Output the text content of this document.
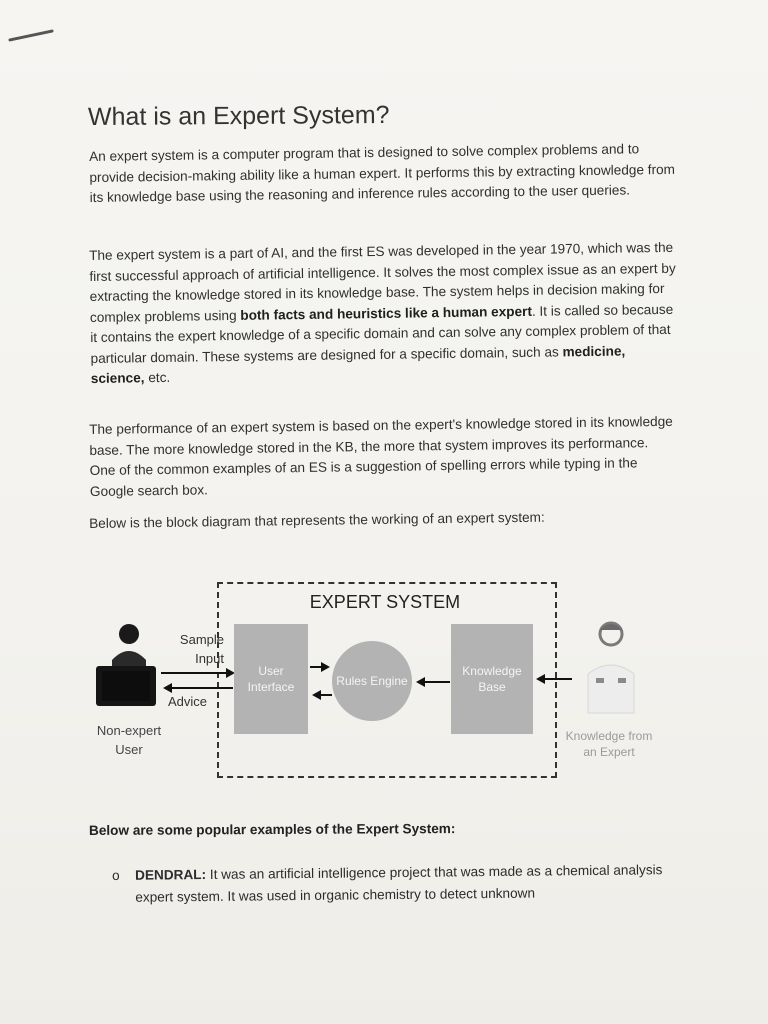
What is an Expert System?

An expert system is a computer program that is designed to solve complex problems and to provide decision-making ability like a human expert. It performs this by extracting knowledge from its knowledge base using the reasoning and inference rules according to the user queries.

The expert system is a part of AI, and the first ES was developed in the year 1970, which was the first successful approach of artificial intelligence. It solves the most complex issue as an expert by extracting the knowledge stored in its knowledge base. The system helps in decision making for complex problems using both facts and heuristics like a human expert. It is called so because it contains the expert knowledge of a specific domain and can solve any complex problem of that particular domain. These systems are designed for a specific domain, such as medicine, science, etc.

The performance of an expert system is based on the expert's knowledge stored in its knowledge base. The more knowledge stored in the KB, the more that system improves its performance. One of the common examples of an ES is a suggestion of spelling errors while typing in the Google search box.

Below is the block diagram that represents the working of an expert system:

EXPERT SYSTEM
Non-expert User
Sample Input
Advice
User Interface	Rules Engine
Knowledge Base
Knowledge from an Expert
Below are some popular examples of the Expert System:
o DENDRAL: It was an artificial intelligence project that was made as a chemical analysis expert system. It was used in organic chemistry to detect unknown
